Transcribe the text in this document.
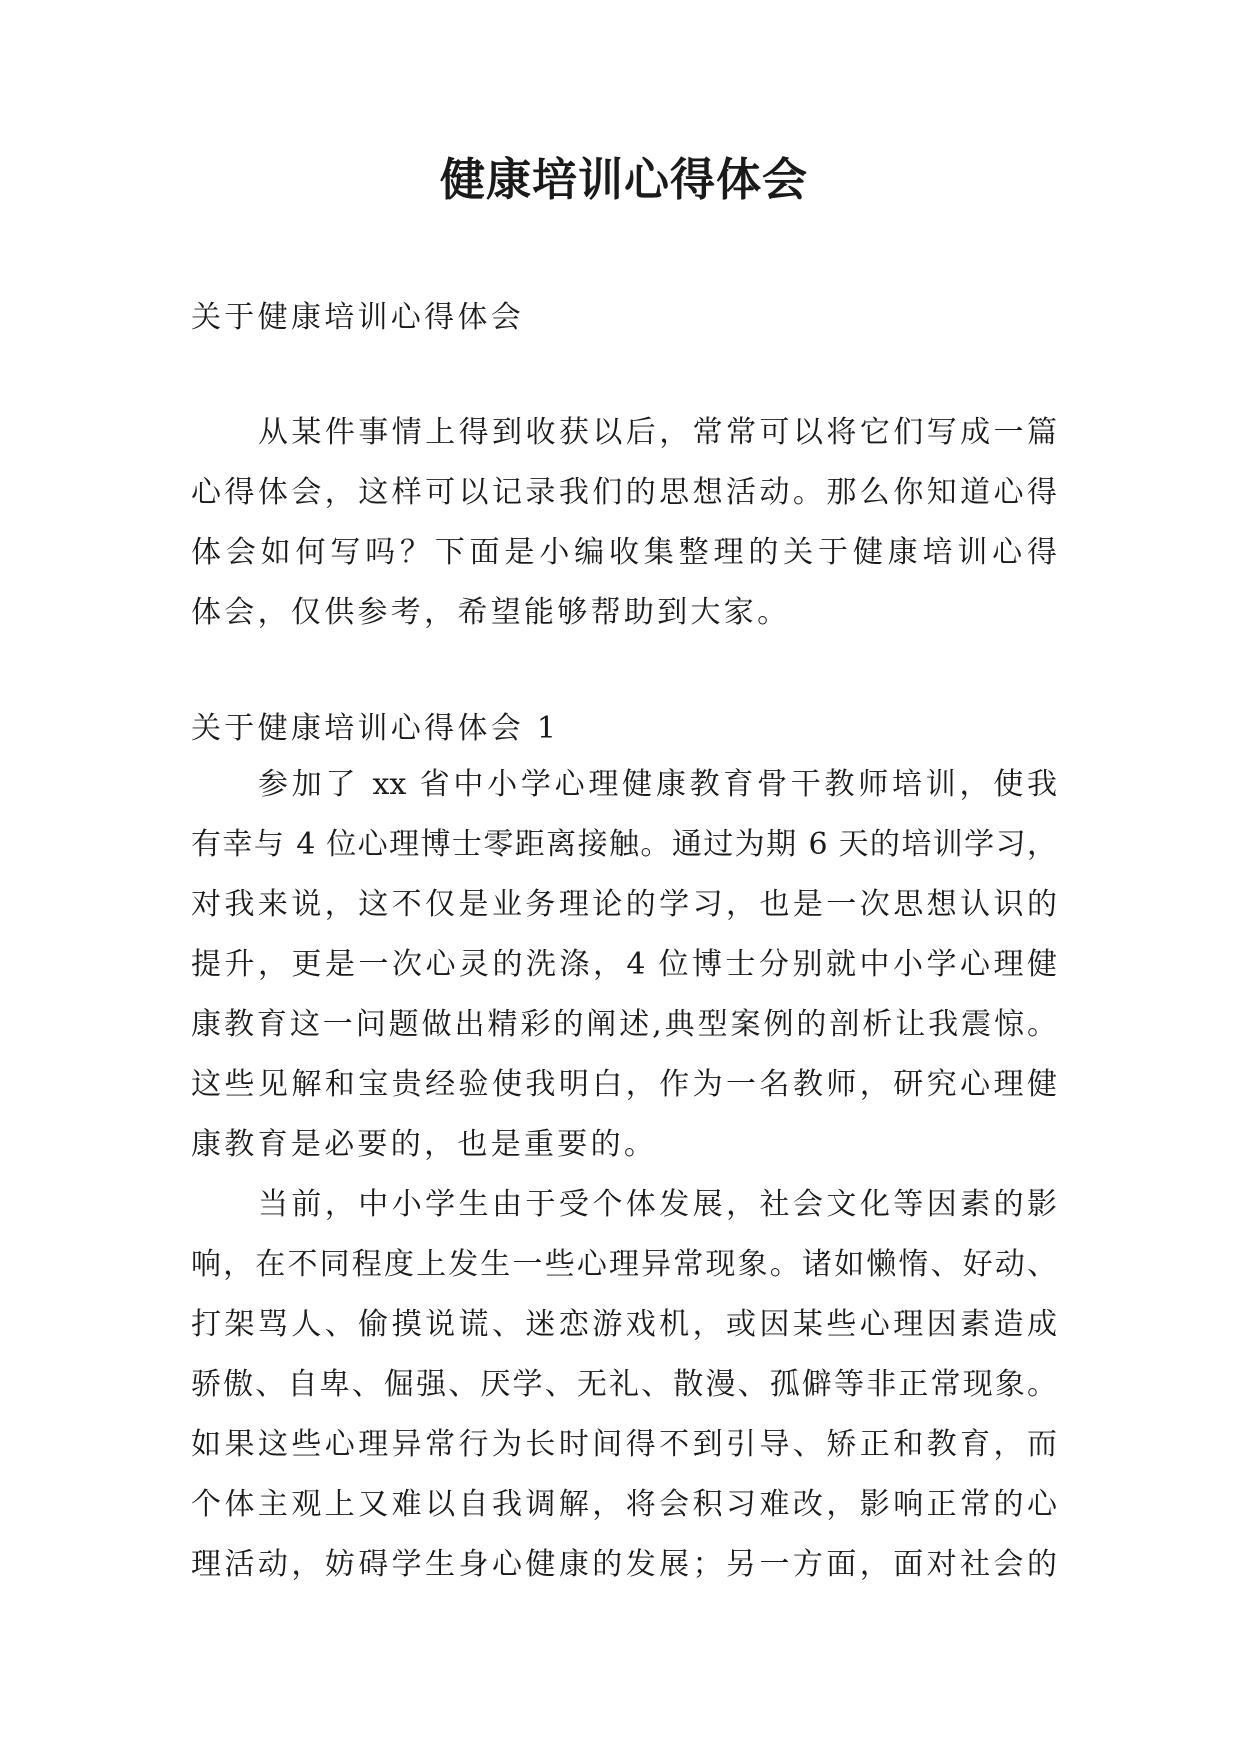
健康培训心得体会
关于健康培训心得体会
从某件事情上得到收获以后，常常可以将它们写成一篇
心得体会，这样可以记录我们的思想活动。那么你知道心得
体会如何写吗？下面是小编收集整理的关于健康培训心得
体会，仅供参考，希望能够帮助到大家。
关于健康培训心得体会 1
参加了 xx 省中小学心理健康教育骨干教师培训，使我
有幸与 4 位心理博士零距离接触。通过为期 6 天的培训学习，
对我来说，这不仅是业务理论的学习，也是一次思想认识的
提升，更是一次心灵的洗涤，4 位博士分别就中小学心理健
康教育这一问题做出精彩的阐述,典型案例的剖析让我震惊。
这些见解和宝贵经验使我明白，作为一名教师，研究心理健
康教育是必要的，也是重要的。
当前，中小学生由于受个体发展，社会文化等因素的影
响，在不同程度上发生一些心理异常现象。诸如懒惰、好动、
打架骂人、偷摸说谎、迷恋游戏机，或因某些心理因素造成
骄傲、自卑、倔强、厌学、无礼、散漫、孤僻等非正常现象。
如果这些心理异常行为长时间得不到引导、矫正和教育，而
个体主观上又难以自我调解，将会积习难改，影响正常的心
理活动，妨碍学生身心健康的发展；另一方面，面对社会的
